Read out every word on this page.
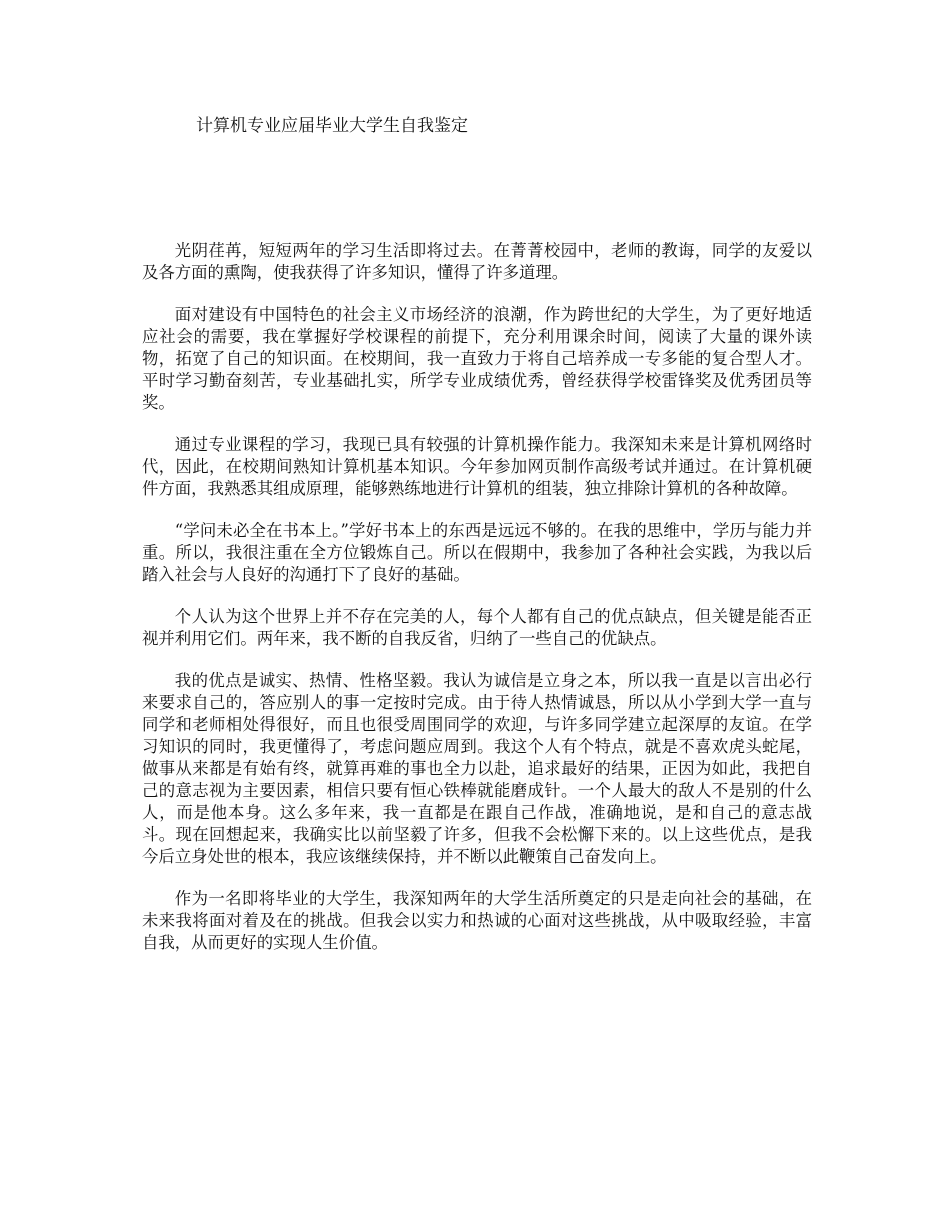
计算机专业应届毕业大学生自我鉴定

光阴荏苒，短短两年的学习生活即将过去。在菁菁校园中，老师的教诲，同学的友爱以及各方面的熏陶，使我获得了许多知识，懂得了许多道理。

面对建设有中国特色的社会主义市场经济的浪潮，作为跨世纪的大学生，为了更好地适应社会的需要，我在掌握好学校课程的前提下，充分利用课余时间，阅读了大量的课外读物，拓宽了自己的知识面。在校期间，我一直致力于将自己培养成一专多能的复合型人才。平时学习勤奋刻苦，专业基础扎实，所学专业成绩优秀，曾经获得学校雷锋奖及优秀团员等奖。

通过专业课程的学习，我现已具有较强的计算机操作能力。我深知未来是计算机网络时代，因此，在校期间熟知计算机基本知识。今年参加网页制作高级考试并通过。在计算机硬件方面，我熟悉其组成原理，能够熟练地进行计算机的组装，独立排除计算机的各种故障。

“学问未必全在书本上。”学好书本上的东西是远远不够的。在我的思维中，学历与能力并重。所以，我很注重在全方位锻炼自己。所以在假期中，我参加了各种社会实践，为我以后踏入社会与人良好的沟通打下了良好的基础。

个人认为这个世界上并不存在完美的人，每个人都有自己的优点缺点，但关键是能否正视并利用它们。两年来，我不断的自我反省，归纳了一些自己的优缺点。

我的优点是诚实、热情、性格坚毅。我认为诚信是立身之本，所以我一直是以言出必行来要求自己的，答应别人的事一定按时完成。由于待人热情诚恳，所以从小学到大学一直与同学和老师相处得很好，而且也很受周围同学的欢迎，与许多同学建立起深厚的友谊。在学习知识的同时，我更懂得了，考虑问题应周到。我这个人有个特点，就是不喜欢虎头蛇尾，做事从来都是有始有终，就算再难的事也全力以赴，追求最好的结果，正因为如此，我把自己的意志视为主要因素，相信只要有恒心铁棒就能磨成针。一个人最大的敌人不是别的什么人，而是他本身。这么多年来，我一直都是在跟自己作战，准确地说，是和自己的意志战斗。现在回想起来，我确实比以前坚毅了许多，但我不会松懈下来的。以上这些优点，是我今后立身处世的根本，我应该继续保持，并不断以此鞭策自己奋发向上。

作为一名即将毕业的大学生，我深知两年的大学生活所奠定的只是走向社会的基础，在未来我将面对着及在的挑战。但我会以实力和热诚的心面对这些挑战，从中吸取经验，丰富自我，从而更好的实现人生价值。
